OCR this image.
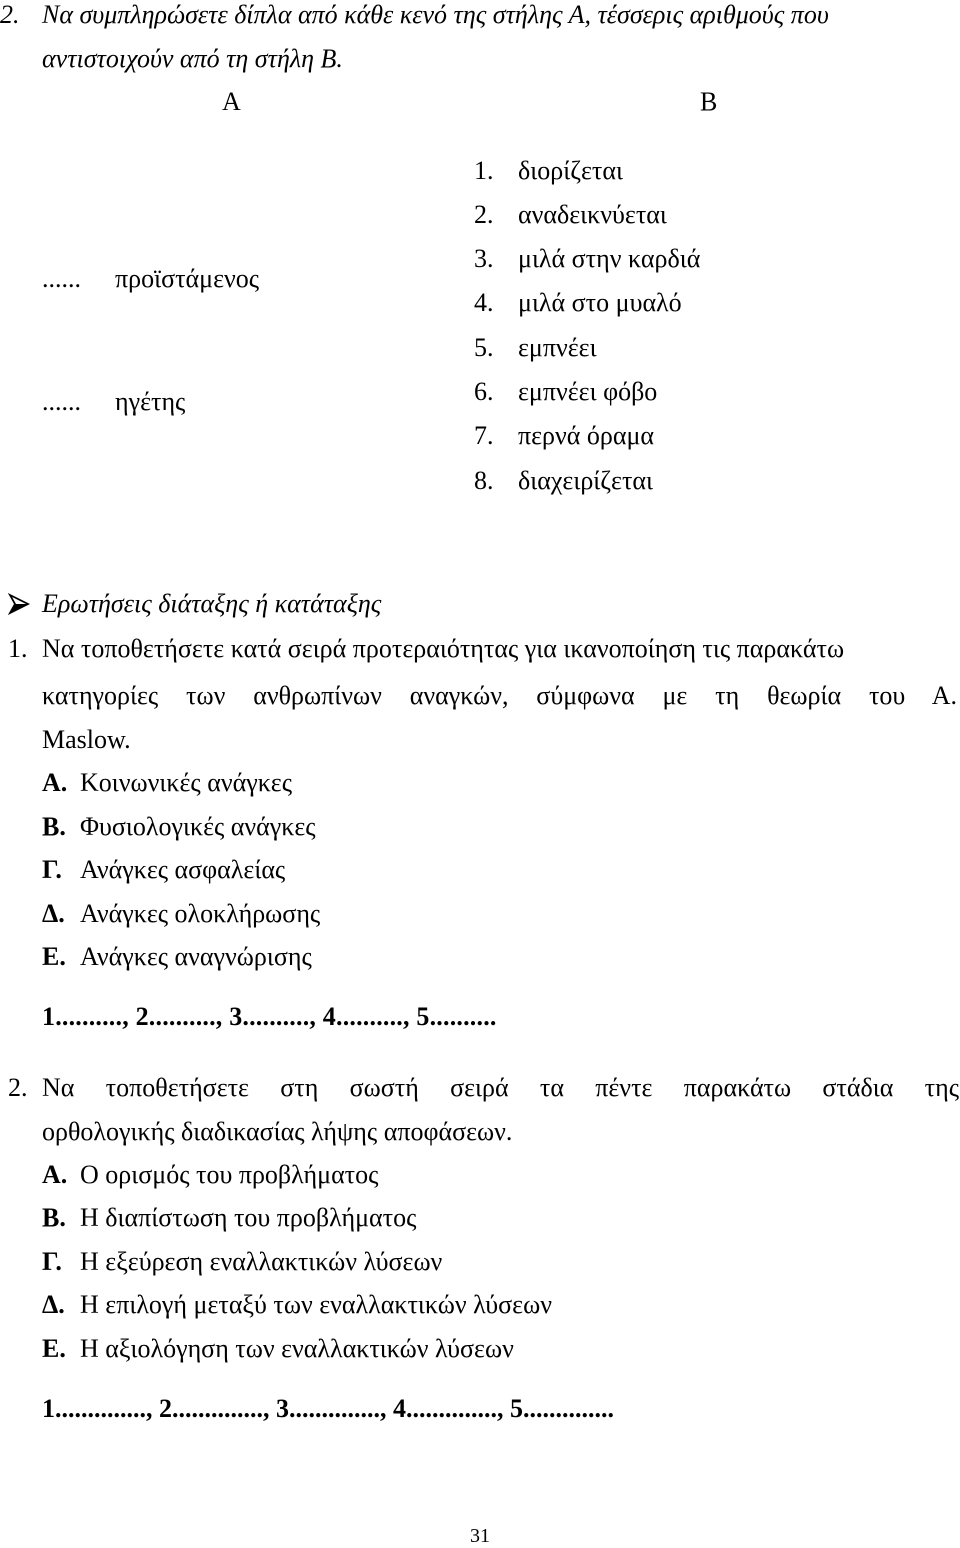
2. Να συμπληρώσετε δίπλα από κάθε κενό της στήλης Α, τέσσερις αριθμούς που
αντιστοιχούν από τη στήλη Β.
Α	Β
...... προϊστάμενος
...... ηγέτης
1. διορίζεται
2. αναδεικνύεται
3. μιλά στην καρδιά
4. μιλά στο μυαλό
5. εμπνέει
6. εμπνέει φόβο
7. περνά όραμα
8. διαχειρίζεται
Ερωτήσεις διάταξης ή κατάταξης
1. Να τοποθετήσετε κατά σειρά προτεραιότητας για ικανοποίηση τις παρακάτω
κατηγορίες των ανθρωπίνων αναγκών, σύμφωνα με τη θεωρία του Α.
Maslow.
Α. Κοινωνικές ανάγκες
Β. Φυσιολογικές ανάγκες
Γ. Ανάγκες ασφαλείας
Δ. Ανάγκες ολοκλήρωσης
Ε. Ανάγκες αναγνώρισης
1.........., 2.........., 3.........., 4.........., 5..........
2. Να τοποθετήσετε στη σωστή σειρά τα πέντε παρακάτω στάδια της
ορθολογικής διαδικασίας λήψης αποφάσεων.
Α. Ο ορισμός του προβλήματος
Β. Η διαπίστωση του προβλήματος
Γ. Η εξεύρεση εναλλακτικών λύσεων
Δ. Η επιλογή μεταξύ των εναλλακτικών λύσεων
Ε. Η αξιολόγηση των εναλλακτικών λύσεων
1.............., 2.............., 3.............., 4.............., 5..............
31
